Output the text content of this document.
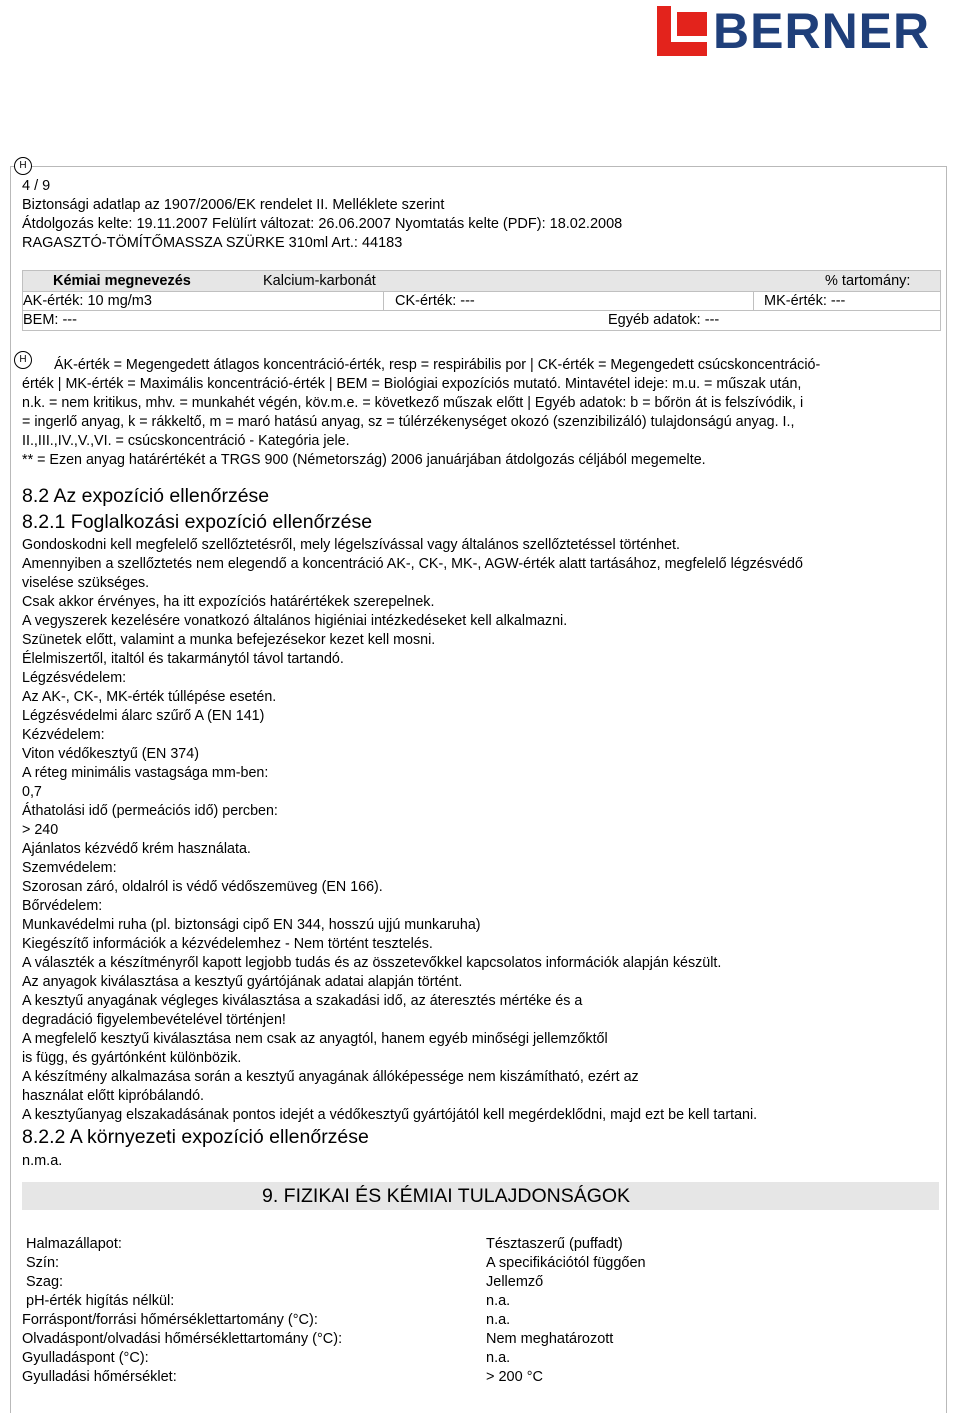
BERNER
H
4 / 9
Biztonsági adatlap az 1907/2006/EK rendelet II. Melléklete szerint
Átdolgozás kelte: 19.11.2007 Felülírt változat: 26.06.2007 Nyomtatás kelte (PDF): 18.02.2008
RAGASZTÓ-TÖMÍTŐMASSZA SZÜRKE 310ml Art.: 44183
Kémiai megnevezés	Kalcium-karbonát	% tartomány:
AK-érték: 10 mg/m3	CK-érték: ---	MK-érték: ---
BEM: ---	Egyéb adatok: ---
H	ÁK-érték = Megengedett átlagos koncentráció-érték, resp = respirábilis por | CK-érték = Megengedett csúcskoncentráció-
érték | MK-érték = Maximális koncentráció-érték | BEM = Biológiai expozíciós mutató. Mintavétel ideje: m.u. = műszak után,
n.k. = nem kritikus, mhv. = munkahét végén, köv.m.e. = következő műszak előtt | Egyéb adatok: b = bőrön át is felszívódik, i
= ingerlő anyag, k = rákkeltő, m = maró hatású anyag, sz = túlérzékenységet okozó (szenzibilizáló) tulajdonságú anyag. I.,
II.,III.,IV.,V.,VI. = csúcskoncentráció - Kategória jele.
** = Ezen anyag határértékét a TRGS 900 (Németország) 2006 januárjában átdolgozás céljából megemelte.
8.2 Az expozíció ellenőrzése
8.2.1 Foglalkozási expozíció ellenőrzése
Gondoskodni kell megfelelő szellőztetésről, mely légelszívással vagy általános szellőztetéssel történhet.
Amennyiben a szellőztetés nem elegendő a koncentráció AK-, CK-, MK-, AGW-érték alatt tartásához, megfelelő légzésvédő
viselése szükséges.
Csak akkor érvényes, ha itt expozíciós határértékek szerepelnek.
A vegyszerek kezelésére vonatkozó általános higiéniai intézkedéseket kell alkalmazni.
Szünetek előtt, valamint a munka befejezésekor kezet kell mosni.
Élelmiszertől, italtól és takarmánytól távol tartandó.
Légzésvédelem:
Az AK-, CK-, MK-érték túllépése esetén.
Légzésvédelmi álarc szűrő A (EN 141)
Kézvédelem:
Viton védőkesztyű (EN 374)
A réteg minimális vastagsága mm-ben:
0,7
Áthatolási idő (permeációs idő) percben:
> 240
Ajánlatos kézvédő krém használata.
Szemvédelem:
Szorosan záró, oldalról is védő védőszemüveg (EN 166).
Bőrvédelem:
Munkavédelmi ruha (pl. biztonsági cipő EN 344, hosszú ujjú munkaruha)
Kiegészítő információk a kézvédelemhez - Nem történt tesztelés.
A választék a készítményről kapott legjobb tudás és az összetevőkkel kapcsolatos információk alapján készült.
Az anyagok kiválasztása a kesztyű gyártójának adatai alapján történt.
A kesztyű anyagának végleges kiválasztása a szakadási idő, az áteresztés mértéke és a
degradáció figyelembevételével történjen!
A megfelelő kesztyű kiválasztása nem csak az anyagtól, hanem egyéb minőségi jellemzőktől
is függ, és gyártónként különbözik.
A készítmény alkalmazása során a kesztyű anyagának állóképessége nem kiszámítható, ezért az
használat előtt kipróbálandó.
A kesztyűanyag elszakadásának pontos idejét a védőkesztyű gyártójától kell megérdeklődni, majd ezt be kell tartani.
8.2.2 A környezeti expozíció ellenőrzése
n.m.a.
9. FIZIKAI ÉS KÉMIAI TULAJDONSÁGOK
Halmazállapot:	Tésztaszerű (puffadt)
Szín:	A specifikációtól függően
Szag:	Jellemző
pH-érték higítás nélkül:	n.a.
Forráspont/forrási hőmérséklettartomány (°C):	n.a.
Olvadáspont/olvadási hőmérséklettartomány (°C):	Nem meghatározott
Gyulladáspont (°C):	n.a.
Gyulladási hőmérséklet:	> 200 °C
